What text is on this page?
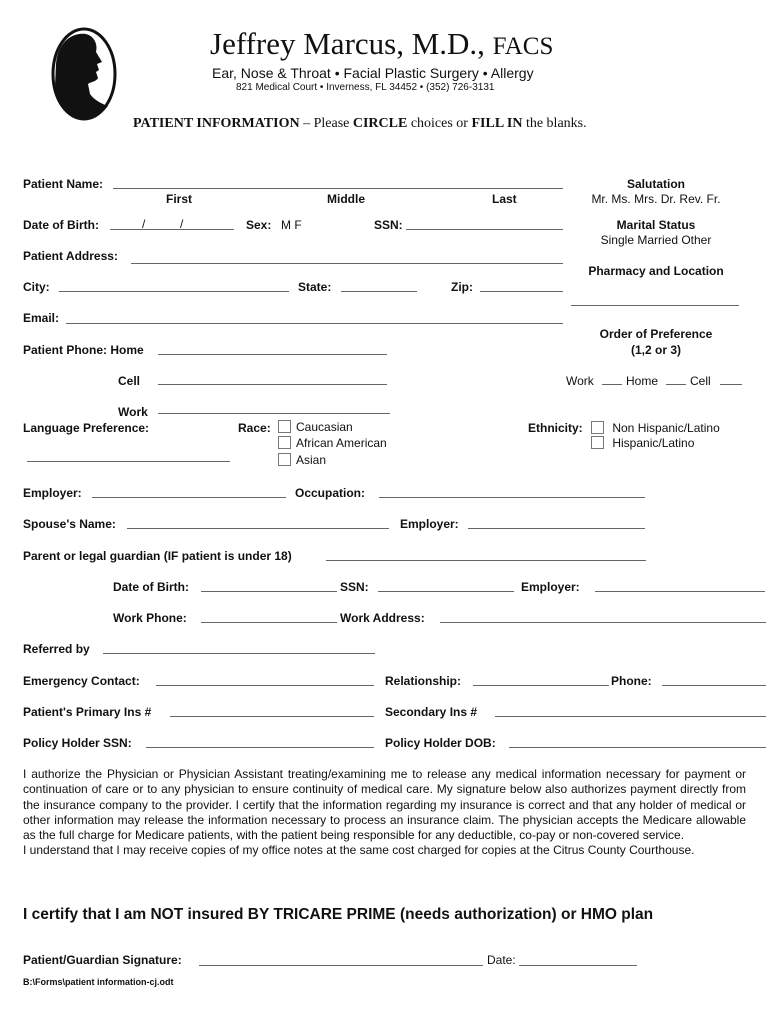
Jeffrey Marcus, M.D., FACS
Ear, Nose & Throat • Facial Plastic Surgery • Allergy
821 Medical Court • Inverness, FL 34452 • (352) 726-3131
PATIENT INFORMATION – Please CIRCLE choices or FILL IN the blanks.
Patient Name:
First	Middle	Last
Salutation
Mr. Ms. Mrs. Dr. Rev. Fr.
Date of Birth:	/	/	Sex: M F	SSN:	Marital Status
Single Married Other
Patient Address:
Pharmacy and Location
City:	State:	Zip:
Email:
Order of Preference
(1,2 or 3)
Work	Home	Cell
Patient Phone: Home
Cell
Work
Language Preference:	Race:	Caucasian
African American
Asian
Ethnicity:	Non Hispanic/Latino
Hispanic/Latino
Employer:	Occupation:
Spouse's Name:	Employer:
Parent or legal guardian (IF patient is under 18)
Date of Birth:	SSN:	Employer:
Work Phone:	Work Address:
Referred by
Emergency Contact:	Relationship:	Phone:
Patient's Primary Ins #	Secondary Ins #
Policy Holder SSN:	Policy Holder DOB:
I authorize the Physician or Physician Assistant treating/examining me to release any medical information necessary for payment or continuation of care or to any physician to ensure continuity of medical care. My signature below also authorizes payment directly from the insurance company to the provider. I certify that the information regarding my insurance is correct and that any holder of medical or other information may release the information necessary to process an insurance claim. The physician accepts the Medicare allowable as the full charge for Medicare patients, with the patient being responsible for any deductible, co-pay or non-covered service.
I understand that I may receive copies of my office notes at the same cost charged for copies at the Citrus County Courthouse.
I certify that I am NOT insured BY TRICARE PRIME (needs authorization) or HMO plan
Patient/Guardian Signature:	Date:
B:\Forms\patient information-cj.odt
